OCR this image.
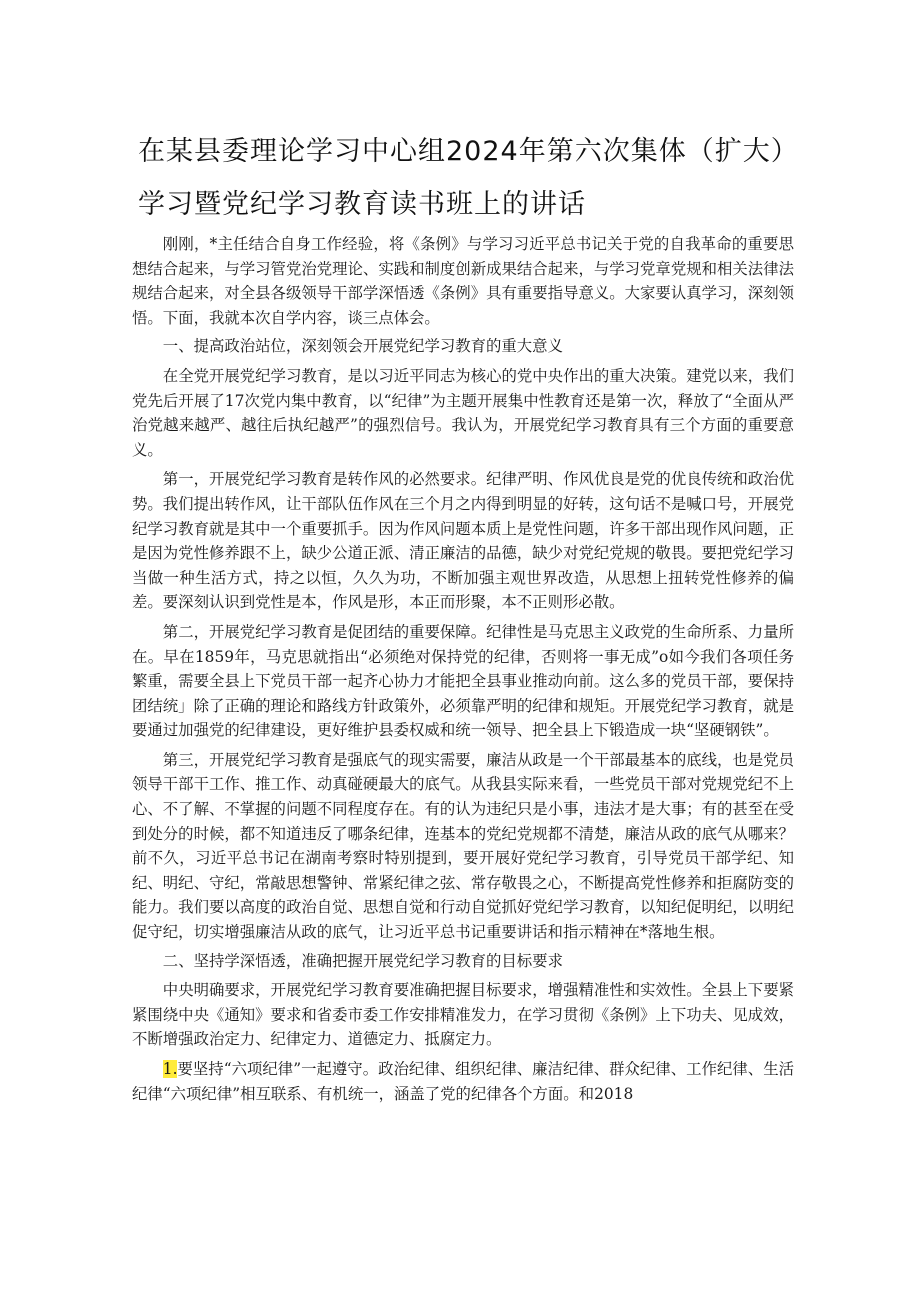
在某县委理论学习中心组2024年第六次集体（扩大）
学习暨党纪学习教育读书班上的讲话

刚刚，*主任结合自身工作经验，将《条例》与学习习近平总书记关于党的自我革命的重要思想结合起来，与学习管党治党理论、实践和制度创新成果结合起来，与学习党章党规和相关法律法规结合起来，对全县各级领导干部学深悟透《条例》具有重要指导意义。大家要认真学习，深刻领悟。下面，我就本次自学内容，谈三点体会。

一、提高政治站位，深刻领会开展党纪学习教育的重大意义

在全党开展党纪学习教育，是以习近平同志为核心的党中央作出的重大决策。建党以来，我们党先后开展了17次党内集中教育，以“纪律”为主题开展集中性教育还是第一次，释放了“全面从严治党越来越严、越往后执纪越严”的强烈信号。我认为，开展党纪学习教育具有三个方面的重要意义。

第一，开展党纪学习教育是转作风的必然要求。纪律严明、作风优良是党的优良传统和政治优势。我们提出转作风，让干部队伍作风在三个月之内得到明显的好转，这句话不是喊口号，开展党纪学习教育就是其中一个重要抓手。因为作风问题本质上是党性问题，许多干部出现作风问题，正是因为党性修养跟不上，缺少公道正派、清正廉洁的品德，缺少对党纪党规的敬畏。要把党纪学习当做一种生活方式，持之以恒，久久为功，不断加强主观世界改造，从思想上扭转党性修养的偏差。要深刻认识到党性是本，作风是形，本正而形聚，本不正则形必散。

第二，开展党纪学习教育是促团结的重要保障。纪律性是马克思主义政党的生命所系、力量所在。早在1859年，马克思就指出“必须绝对保持党的纪律，否则将一事无成”o如今我们各项任务繁重，需要全县上下党员干部一起齐心协力才能把全县事业推动向前。这么多的党员干部，要保持团结统」除了正确的理论和路线方针政策外，必须靠严明的纪律和规矩。开展党纪学习教育，就是要通过加强党的纪律建设，更好维护县委权威和统一领导、把全县上下锻造成一块“坚硬钢铁”。

第三，开展党纪学习教育是强底气的现实需要，廉洁从政是一个干部最基本的底线，也是党员领导干部干工作、推工作、动真碰硬最大的底气。从我县实际来看，一些党员干部对党规党纪不上心、不了解、不掌握的问题不同程度存在。有的认为违纪只是小事，违法才是大事；有的甚至在受到处分的时候，都不知道违反了哪条纪律，连基本的党纪党规都不清楚，廉洁从政的底气从哪来？前不久，习近平总书记在湖南考察时特别提到，要开展好党纪学习教育，引导党员干部学纪、知纪、明纪、守纪，常敲思想警钟、常紧纪律之弦、常存敬畏之心，不断提高党性修养和拒腐防变的能力。我们要以高度的政治自觉、思想自觉和行动自觉抓好党纪学习教育，以知纪促明纪，以明纪促守纪，切实增强廉洁从政的底气，让习近平总书记重要讲话和指示精神在*落地生根。

二、坚持学深悟透，准确把握开展党纪学习教育的目标要求

中央明确要求，开展党纪学习教育要准确把握目标要求，增强精准性和实效性。全县上下要紧紧围绕中央《通知》要求和省委市委工作安排精准发力，在学习贯彻《条例》上下功夫、见成效，不断增强政治定力、纪律定力、道德定力、抵腐定力。

1.要坚持“六项纪律”一起遵守。政治纪律、组织纪律、廉洁纪律、群众纪律、工作纪律、生活纪律“六项纪律”相互联系、有机统一，涵盖了党的纪律各个方面。和2018
